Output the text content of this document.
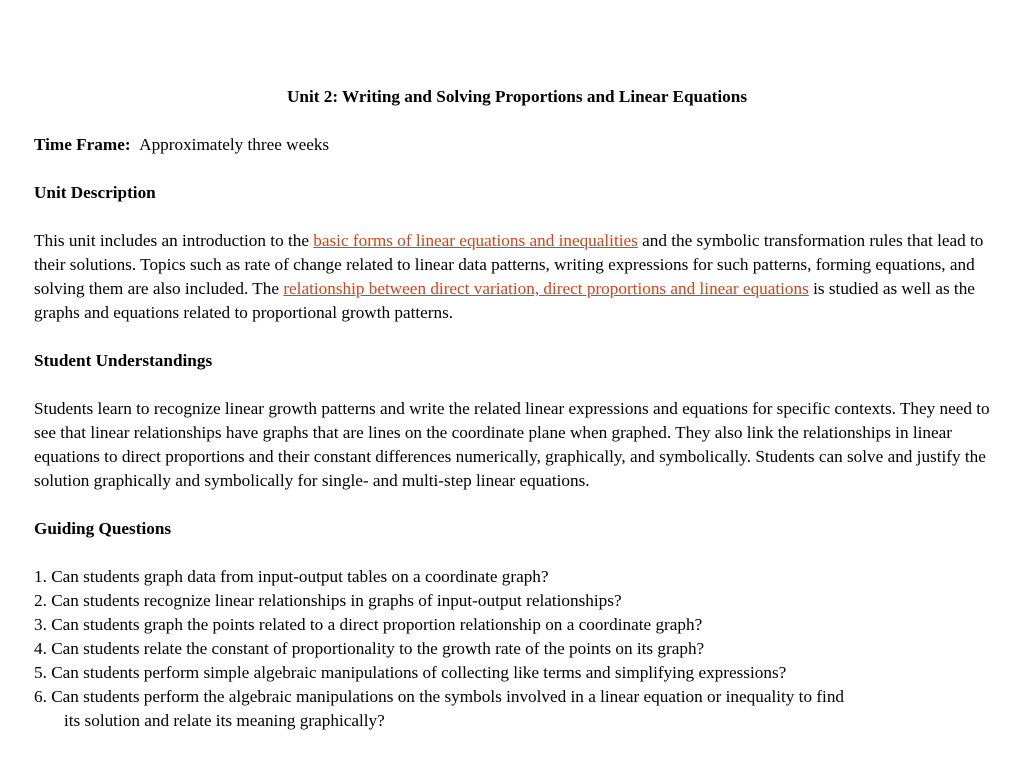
Unit 2: Writing and Solving Proportions and Linear Equations

Time Frame: Approximately three weeks

Unit Description

This unit includes an introduction to the basic forms of linear equations and inequalities and the symbolic transformation rules that lead to their solutions. Topics such as rate of change related to linear data patterns, writing expressions for such patterns, forming equations, and solving them are also included. The relationship between direct variation, direct proportions and linear equations is studied as well as the graphs and equations related to proportional growth patterns.

Student Understandings

Students learn to recognize linear growth patterns and write the related linear expressions and equations for specific contexts. They need to see that linear relationships have graphs that are lines on the coordinate plane when graphed. They also link the relationships in linear equations to direct proportions and their constant differences numerically, graphically, and symbolically. Students can solve and justify the solution graphically and symbolically for single- and multi-step linear equations.

Guiding Questions

1. Can students graph data from input-output tables on a coordinate graph?
2. Can students recognize linear relationships in graphs of input-output relationships?
3. Can students graph the points related to a direct proportion relationship on a coordinate graph?
4. Can students relate the constant of proportionality to the growth rate of the points on its graph?
5. Can students perform simple algebraic manipulations of collecting like terms and simplifying expressions?
6. Can students perform the algebraic manipulations on the symbols involved in a linear equation or inequality to find
its solution and relate its meaning graphically?
